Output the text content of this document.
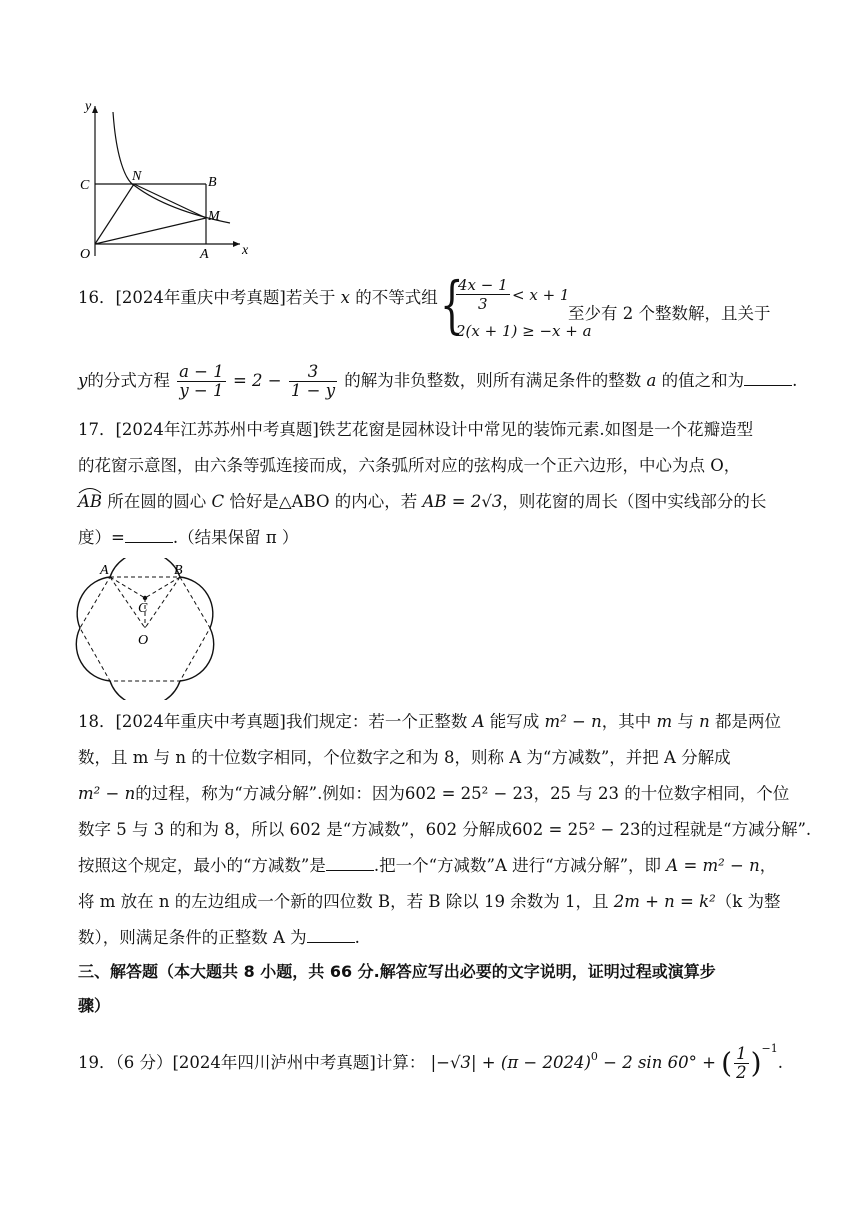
y
x
O
C
N	B
M
A
16．[2024年重庆中考真题]若关于 x 的不等式组 {
$\frac{4x - 1}{3} < x + 1$
2(x + 1) ≥ −x + a
至少有 2 个整数解，且关于
y的分式方程 $\frac{a - 1}{y - 1} = 2 - \frac{3}{1 - y}$ 的解为非负整数，则所有满足条件的整数 a 的值之和为	.
17．[2024年江苏苏州中考真题]铁艺花窗是园林设计中常见的装饰元素.如图是一个花瓣造型
的花窗示意图，由六条等弧连接而成，六条弧所对应的弦构成一个正六边形，中心为点 O，
AB 所在圆的圆心 C 恰好是△ABO 的内心，若 AB = 2√3，则花窗的周长（图中实线部分的长
度）=	.（结果保留 π ）
A	B
C
O
18．[2024年重庆中考真题]我们规定：若一个正整数 A 能写成 m² − n，其中 m 与 n 都是两位
数，且 m 与 n 的十位数字相同，个位数字之和为 8，则称 A 为“方减数”，并把 A 分解成
m² − n的过程，称为“方减分解”.例如：因为602 = 25² − 23，25 与 23 的十位数字相同，个位
数字 5 与 3 的和为 8，所以 602 是“方减数”，602 分解成602 = 25² − 23的过程就是“方减分解”.
按照这个规定，最小的“方减数”是	.把一个“方减数”A 进行“方减分解”，即 A = m² − n，
将 m 放在 n 的左边组成一个新的四位数 B，若 B 除以 19 余数为 1，且 2m + n = k²（k 为整
数），则满足条件的正整数 A 为	.
三、解答题（本大题共 8 小题，共 66 分.解答应写出必要的文字说明，证明过程或演算步
骤）
19．（6 分）[2024年四川泸州中考真题]计算： $|-√3| + (\pi - 2024)^0 - 2$ sin 60° + ( $\frac{1}{2} )^{-1}$.
